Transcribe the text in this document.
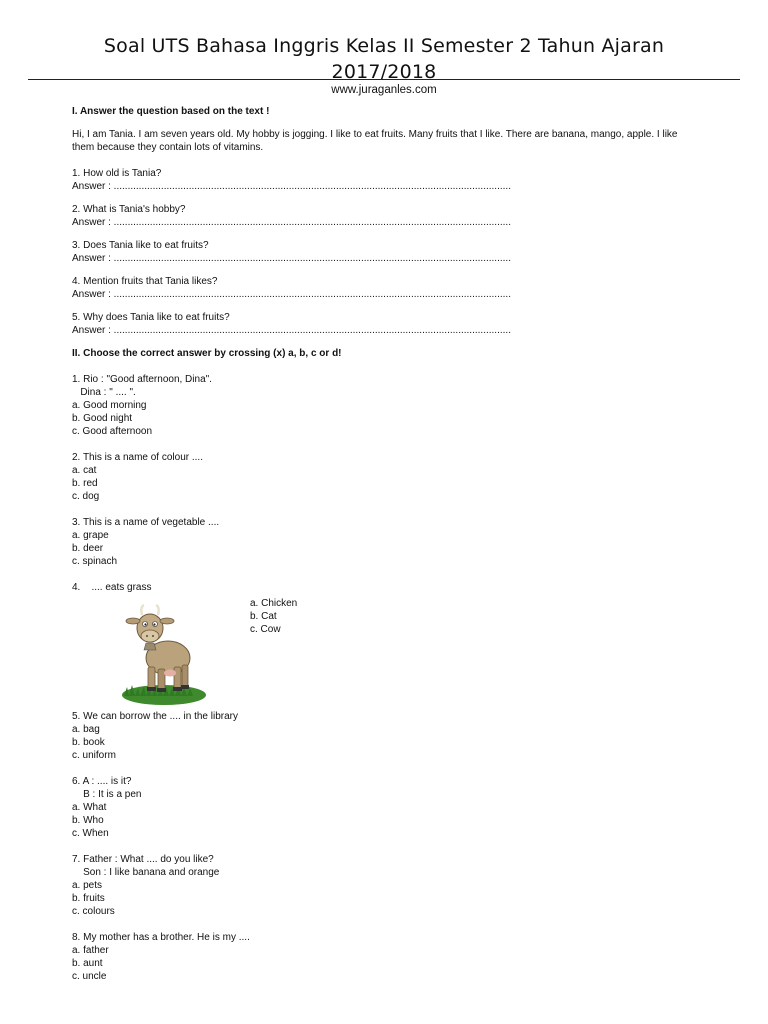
Soal UTS Bahasa Inggris Kelas II Semester 2 Tahun Ajaran
2017/2018
www.juraganles.com
I. Answer the question based on the text !
Hi, I am Tania. I am seven years old. My hobby is jogging. I like to eat fruits. Many fruits that I like. There are banana, mango, apple. I like them because they contain lots of vitamins.
1. How old is Tania?
Answer : ...............................................................................................................................................
2. What is Tania's hobby?
Answer : ...............................................................................................................................................
3. Does Tania like to eat fruits?
Answer : ...............................................................................................................................................
4. Mention fruits that Tania likes?
Answer : ...............................................................................................................................................
5. Why does Tania like to eat fruits?
Answer : ...............................................................................................................................................
II. Choose the correct answer by crossing (x) a, b, c or d!
1. Rio : "Good afternoon, Dina".
Dina : " .... ".
a. Good morning
b. Good night
c. Good afternoon
2. This is a name of colour ....
a. cat
b. red
c. dog
3. This is a name of vegetable ....
a. grape
b. deer
c. spinach
4.    .... eats grass
5. We can borrow the .... in the library
a. bag
b. book
c. uniform
6. A : .... is it?
B : It is a pen
a. What
b. Who
c. When
7. Father : What .... do you like?
Son : I like banana and orange
a. pets
b. fruits
c. colours
8. My mother has a brother. He is my ....
a. father
b. aunt
c. uncle
a. Chicken
b. Cat
c. Cow
